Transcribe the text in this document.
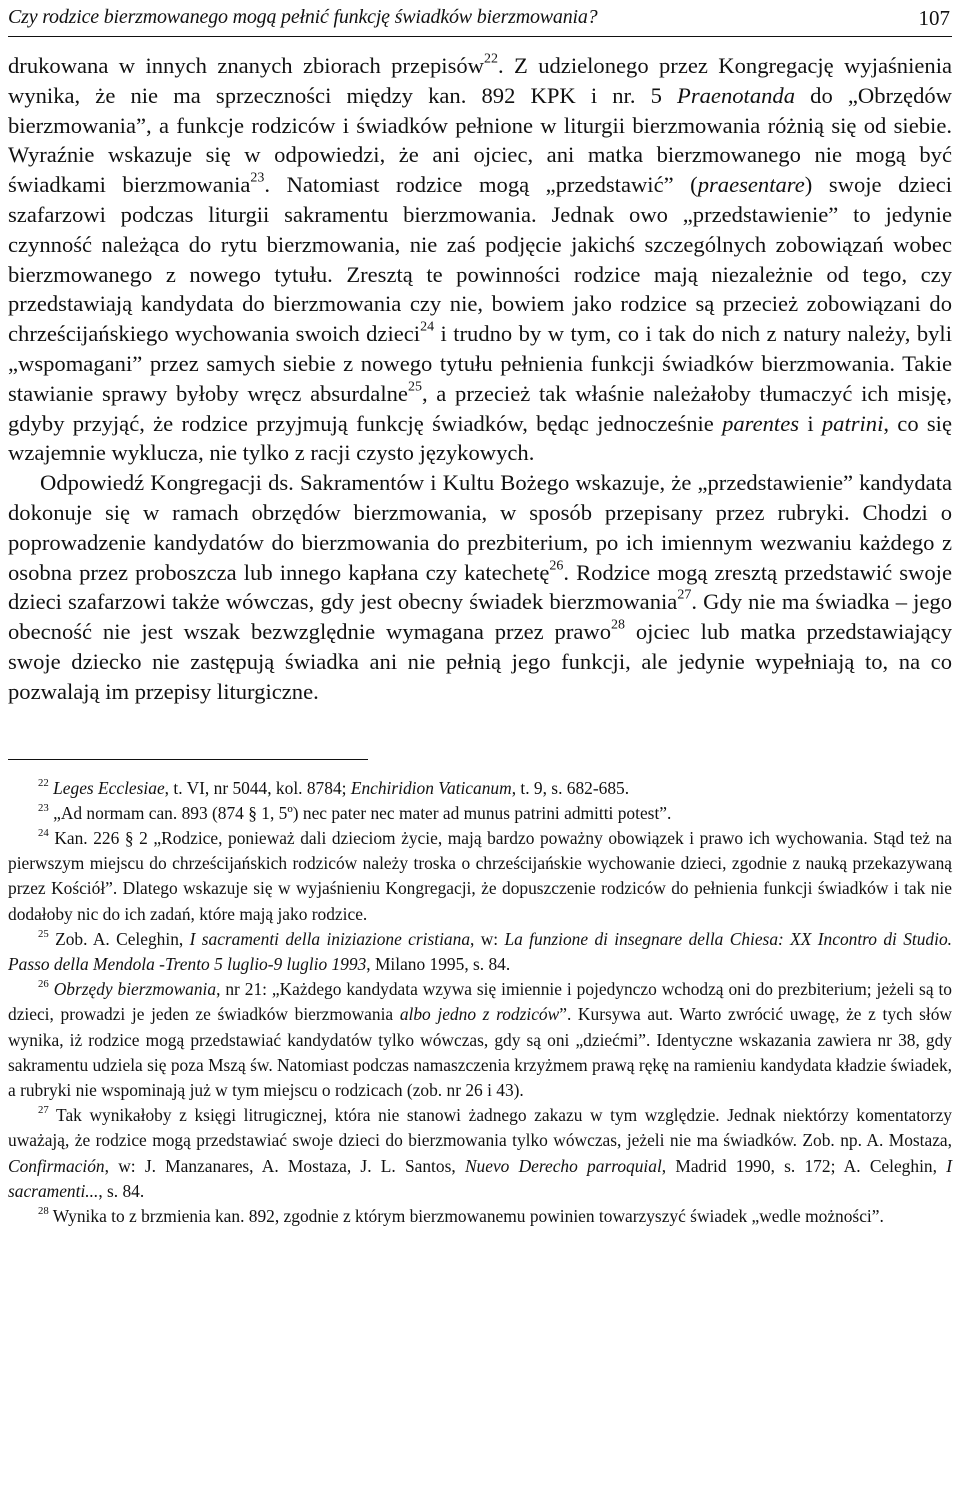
Czy rodzice bierzmowanego mogą pełnić funkcję świadków bierzmowania?	107

drukowana w innych znanych zbiorach przepisów$^{22}$. Z udzielonego przez Kongregację wyjaśnienia wynika, że nie ma sprzeczności między kan. 892 KPK i nr. 5 Praenotanda do „Obrzędów bierzmowania”, a funkcje rodziców i świadków pełnione w liturgii bierzmowania różnią się od siebie. Wyraźnie wskazuje się w odpowiedzi, że ani ojciec, ani matka bierzmowanego nie mogą być świadkami bierzmowania$^{23}$. Natomiast rodzice mogą „przedstawić” (praesentare) swoje dzieci szafarzowi podczas liturgii sakramentu bierzmowania. Jednak owo „przedstawienie” to jedynie czynność należąca do rytu bierzmowania, nie zaś podjęcie jakichś szczególnych zobowiązań wobec bierzmowanego z nowego tytułu. Zresztą te powinności rodzice mają niezależnie od tego, czy przedstawiają kandydata do bierzmowania czy nie, bowiem jako rodzice są przecież zobowiązani do chrześcijańskiego wychowania swoich dzieci$^{24}$ i trudno by w tym, co i tak do nich z natury należy, byli „wspomagani” przez samych siebie z nowego tytułu pełnienia funkcji świadków bierzmowania. Takie stawianie sprawy byłoby wręcz absurdalne$^{25}$, a przecież tak właśnie należałoby tłumaczyć ich misję, gdyby przyjąć, że rodzice przyjmują funkcję świadków, będąc jednocześnie parentes i patrini, co się wzajemnie wyklucza, nie tylko z racji czysto językowych.

Odpowiedź Kongregacji ds. Sakramentów i Kultu Bożego wskazuje, że „przedstawienie” kandydata dokonuje się w ramach obrzędów bierzmowania, w sposób przepisany przez rubryki. Chodzi o poprowadzenie kandydatów do bierzmowania do prezbiterium, po ich imiennym wezwaniu każdego z osobna przez proboszcza lub innego kapłana czy katechetę$^{26}$. Rodzice mogą zresztą przedstawić swoje dzieci szafarzowi także wówczas, gdy jest obecny świadek bierzmowania$^{27}$. Gdy nie ma świadka – jego obecność nie jest wszak bezwzględnie wymagana przez prawo$^{28}$ ojciec lub matka przedstawiający swoje dziecko nie zastępują świadka ani nie pełnią jego funkcji, ale jedynie wypełniają to, na co pozwalają im przepisy liturgiczne.

$^{22}$ Leges Ecclesiae, t. VI, nr 5044, kol. 8784; Enchiridion Vaticanum, t. 9, s. 682-685.

$^{23}$ „Ad normam can. 893 (874 § 1, 5º) nec pater nec mater ad munus patrini admitti potest”.

$^{24}$ Kan. 226 § 2 „Rodzice, ponieważ dali dzieciom życie, mają bardzo poważny obowiązek i prawo ich wychowania. Stąd też na pierwszym miejscu do chrześcijańskich rodziców należy troska o chrześcijańskie wychowanie dzieci, zgodnie z nauką przekazywaną przez Kościół”. Dlatego wskazuje się w wyjaśnieniu Kongregacji, że dopuszczenie rodziców do pełnienia funkcji świadków i tak nie dodałoby nic do ich zadań, które mają jako rodzice.

$^{25}$ Zob. A. Celeghin, I sacramenti della iniziazione cristiana, w: La funzione di insegnare della Chiesa: XX Incontro di Studio. Passo della Mendola -Trento 5 luglio-9 luglio 1993, Milano 1995, s. 84.

$^{26}$ Obrzędy bierzmowania, nr 21: „Każdego kandydata wzywa się imiennie i pojedynczo wchodzą oni do prezbiterium; jeżeli są to dzieci, prowadzi je jeden ze świadków bierzmowania albo jedno z rodziców”. Kursywa aut. Warto zwrócić uwagę, że z tych słów wynika, iż rodzice mogą przedstawiać kandydatów tylko wówczas, gdy są oni „dziećmi”. Identyczne wskazania zawiera nr 38, gdy sakramentu udziela się poza Mszą św. Natomiast podczas namaszczenia krzyżmem prawą rękę na ramieniu kandydata kładzie świadek, a rubryki nie wspominają już w tym miejscu o rodzicach (zob. nr 26 i 43).

$^{27}$ Tak wynikałoby z księgi litrugicznej, która nie stanowi żadnego zakazu w tym względzie. Jednak niektórzy komentatorzy uważają, że rodzice mogą przedstawiać swoje dzieci do bierzmowania tylko wówczas, jeżeli nie ma świadków. Zob. np. A. Mostaza, Confirmación, w: J. Manzanares, A. Mostaza, J. L. Santos, Nuevo Derecho parroquial, Madrid 1990, s. 172; A. Celeghin, I sacramenti..., s. 84.

$^{28}$ Wynika to z brzmienia kan. 892, zgodnie z którym bierzmowanemu powinien towarzyszyć świadek „wedle możności”.
